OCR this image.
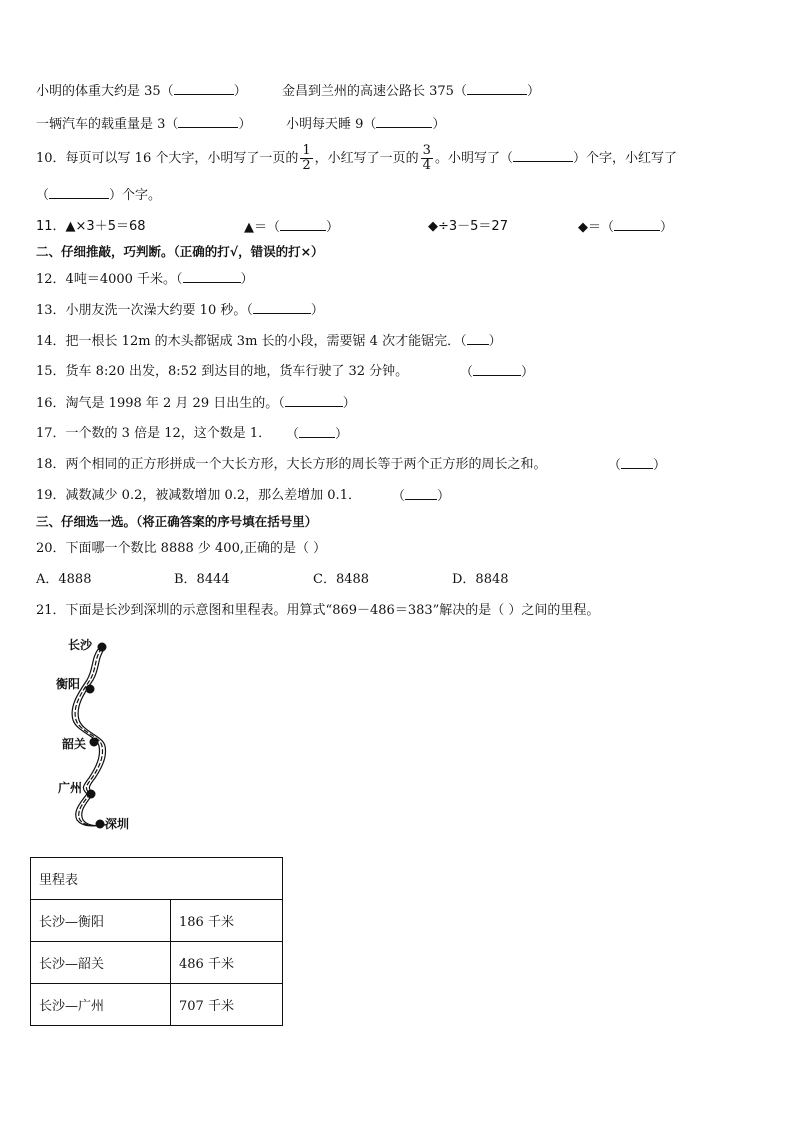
小明的体重大约是 35（	）	金昌到兰州的高速公路长 375（	）
一辆汽车的载重量是 3（	）	小明每天睡 9（	）
10．每页可以写 16 个大字，小明写了一页的 $\frac{1}{2}$ ，小红写了一页的 $\frac{3}{4}$ 。小明写了（	）个字，小红写了
（	）个字。
11．▲×3＋5＝68	▲＝（	）	◆÷3－5＝27	◆＝（	）
二、仔细推敲，巧判断。（正确的打√，错误的打×）
12．4吨＝4000 千米。（	）
13．小朋友洗一次澡大约要 10 秒。（	）
14．把一根长 12m 的木头都锯成 3m 长的小段，需要锯 4 次才能锯完．（ ）
15．货车 8:20 出发，8:52 到达目的地，货车行驶了 32 分钟。	（	）
16．淘气是 1998 年 2 月 29 日出生的。（	）
17．一个数的 3 倍是 12，这个数是 1． （	）
18．两个相同的正方形拼成一个大长方形，大长方形的周长等于两个正方形的周长之和。	（ ）
19．减数减少 0.2，被减数增加 0.2，那么差增加 0.1． （ ）
三、仔细选一选。（将正确答案的序号填在括号里）
20．下面哪一个数比 8888 少 400,正确的是（ ）
A．4888	B．8444	C．8488	D．8848
21．下面是长沙到深圳的示意图和里程表。用算式“869－486＝383”解决的是（ ）之间的里程。
长沙
衡阳
韶关
广州
深圳
里程表	
长沙—衡阳	186 千米
长沙—韶关	486 千米
长沙—广州	707 千米
